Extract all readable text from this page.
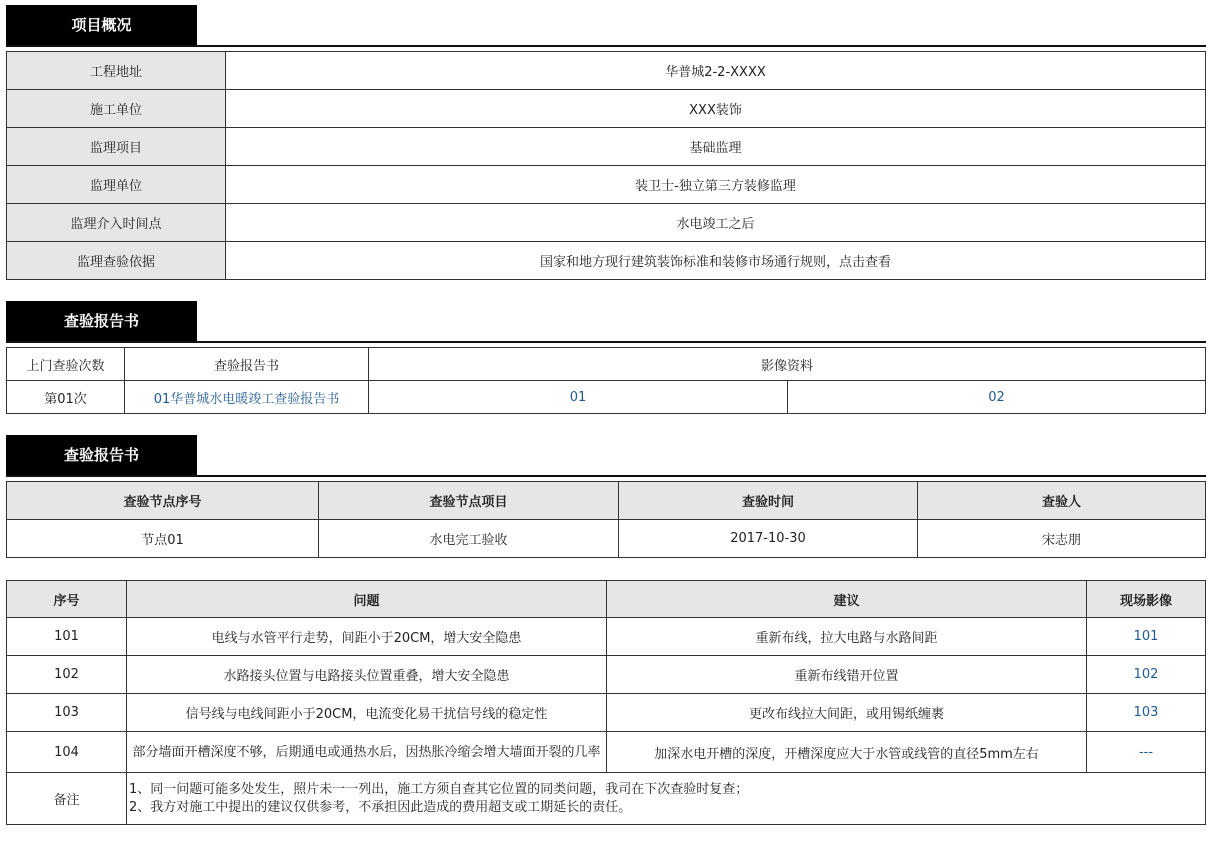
项目概况
工程地址	华普城2-2-XXXX
施工单位	XXX装饰
监理项目	基础监理
监理单位	装卫士-独立第三方装修监理
监理介入时间点	水电竣工之后
监理查验依据	国家和地方现行建筑装饰标准和装修市场通行规则，点击查看
查验报告书
上门查验次数	查验报告书	影像资料	
第01次	01华普城水电暖竣工查验报告书	01	02
查验报告书
查验节点序号	查验节点项目	查验时间	查验人
节点01	水电完工验收	2017-10-30	宋志朋
序号	问题	建议	现场影像
101	电线与水管平行走势，间距小于20CM，增大安全隐患	重新布线，拉大电路与水路间距	101
102	水路接头位置与电路接头位置重叠，增大安全隐患	重新布线错开位置	102
103	信号线与电线间距小于20CM，电流变化易干扰信号线的稳定性	更改布线拉大间距，或用锡纸缠裹	103
104	部分墙面开槽深度不够，后期通电或通热水后，因热胀冷缩会增大墙面开裂的几率	加深水电开槽的深度，开槽深度应大于水管或线管的直径5mm左右	---
备注	1、同一问题可能多处发生，照片未一一列出，施工方须自查其它位置的同类问题，我司在下次查验时复查；
2、我方对施工中提出的建议仅供参考，不承担因此造成的费用超支或工期延长的责任。		
